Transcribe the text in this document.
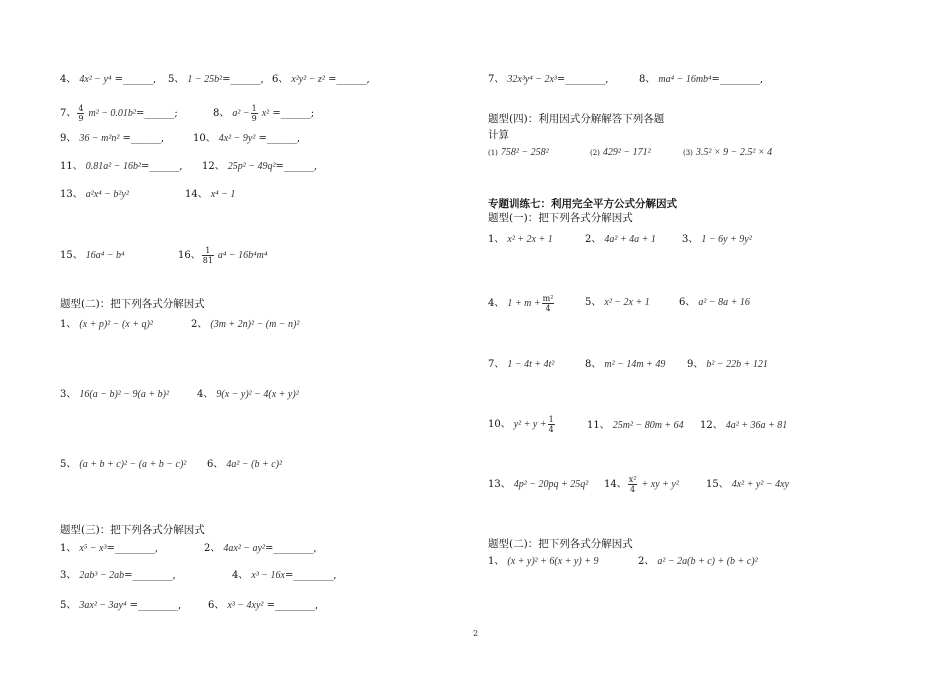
4、 4x² − y⁴ =______, 5、 1 − 25b²=______, 6、 x²y² − z² =______,
7、 $\frac{4}{9} m^2$ − 0.01b²=______;	8、 $a^2 - \frac{1}{9} x^2$ =______;
9、 36 − m²n² =______,	10、 4x² − 9y² =______,
11、 0.81a² − 16b²=______, 12、 25p² − 49q²=______,
13、 a²x⁴ − b²y²	14、 x⁴ − 1
15、 16a⁴ − b⁴	16、 $\frac{1}{81} a^4 - 16b^4m^4$
题型(二)：把下列各式分解因式
1、 (x + p)² − (x + q)²	2、 (3m + 2n)² − (m − n)²
3、 16(a − b)² − 9(a + b)²	4、 9(x − y)² − 4(x + y)²
5、 (a + b + c)² − (a + b − c)² 6、 4a² − (b + c)²
题型(三)：把下列各式分解因式
1、 x⁵ − x³=________,	2、 4ax² − ay²=________,
3、 2ab³ − 2ab=________,	4、 x³ − 16x=________,
5、 3ax² − 3ay⁴ =________,	6、 x³ − 4xy² =________,
7、 32x³y⁴ − 2x³=________,	8、 ma⁴ − 16mb⁴=________,
题型(四)：利用因式分解解答下列各题
计算
(1) 758² − 258²	(2) 429² − 171²	(3) 3.5² × 9 − 2.5² × 4
专题训练七：利用完全平方公式分解因式
题型(一)：把下列各式分解因式
1、 x² + 2x + 1	2、 4a² + 4a + 1	3、 1 − 6y + 9y²
4、 $1 + m + \frac{\text{m²}}{4}$	5、 x² − 2x + 1	6、 a² − 8a + 16
7、 1 − 4t + 4t²	8、 m² − 14m + 49 9、 b² − 22b + 121
10、 $y^2 + y + \frac{1}{4}$	11、 25m² − 80m + 64 12、 4a² + 36a + 81
13、 4p² − 20pq + 25q² 14、 $\frac{\text{x²}}{4}$ + xy + y²	15、 4x² + y² − 4xy
题型(二)：把下列各式分解因式
1、 (x + y)² + 6(x + y) + 9	2、 a² − 2a(b + c) + (b + c)²
2
